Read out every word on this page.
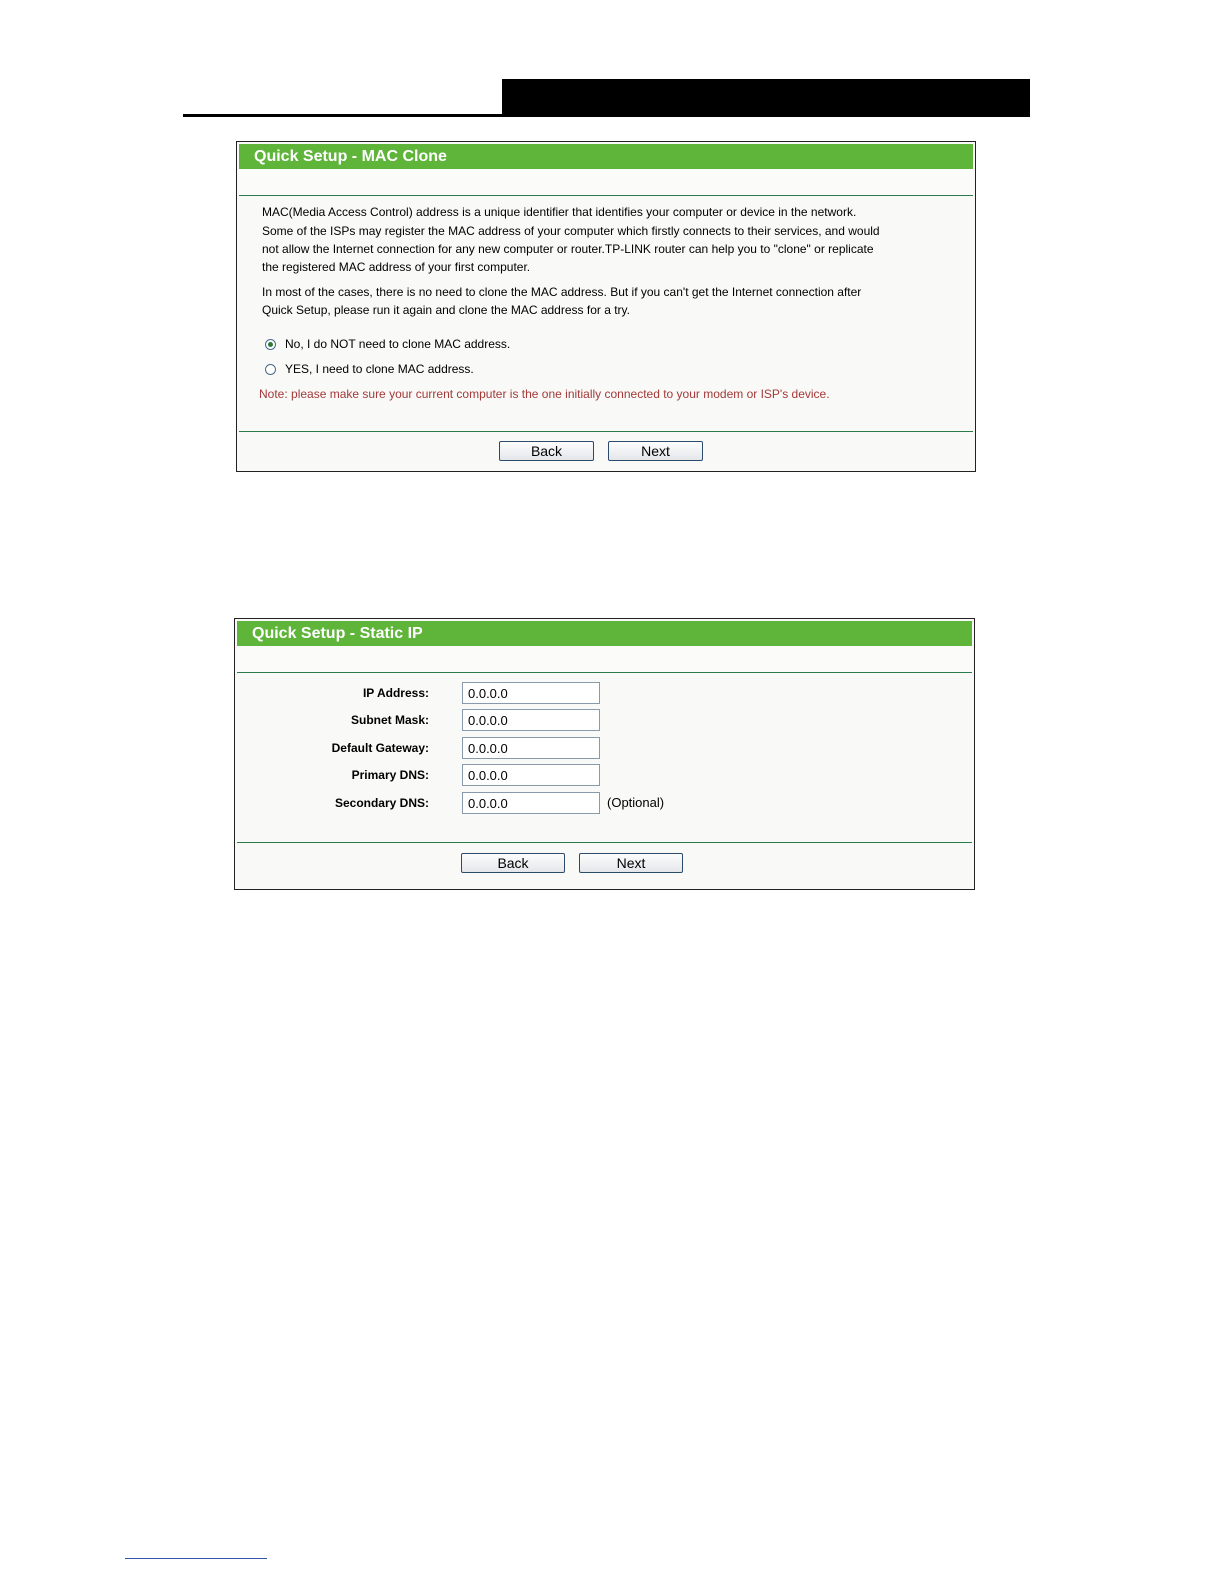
Quick Setup - MAC Clone
MAC(Media Access Control) address is a unique identifier that identifies your computer or device in the network.
Some of the ISPs may register the MAC address of your computer which firstly connects to their services, and would
not allow the Internet connection for any new computer or router.TP-LINK router can help you to "clone" or replicate
the registered MAC address of your first computer.
In most of the cases, there is no need to clone the MAC address. But if you can't get the Internet connection after
Quick Setup, please run it again and clone the MAC address for a try.
No, I do NOT need to clone MAC address.
YES, I need to clone MAC address.
Note: please make sure your current computer is the one initially connected to your modem or ISP's device.
Back	Next
Quick Setup - Static IP
IP Address:
0.0.0.0
Subnet Mask:
0.0.0.0
Default Gateway:
0.0.0.0
Primary DNS:
0.0.0.0
Secondary DNS:
0.0.0.0	(Optional)
Back	Next
